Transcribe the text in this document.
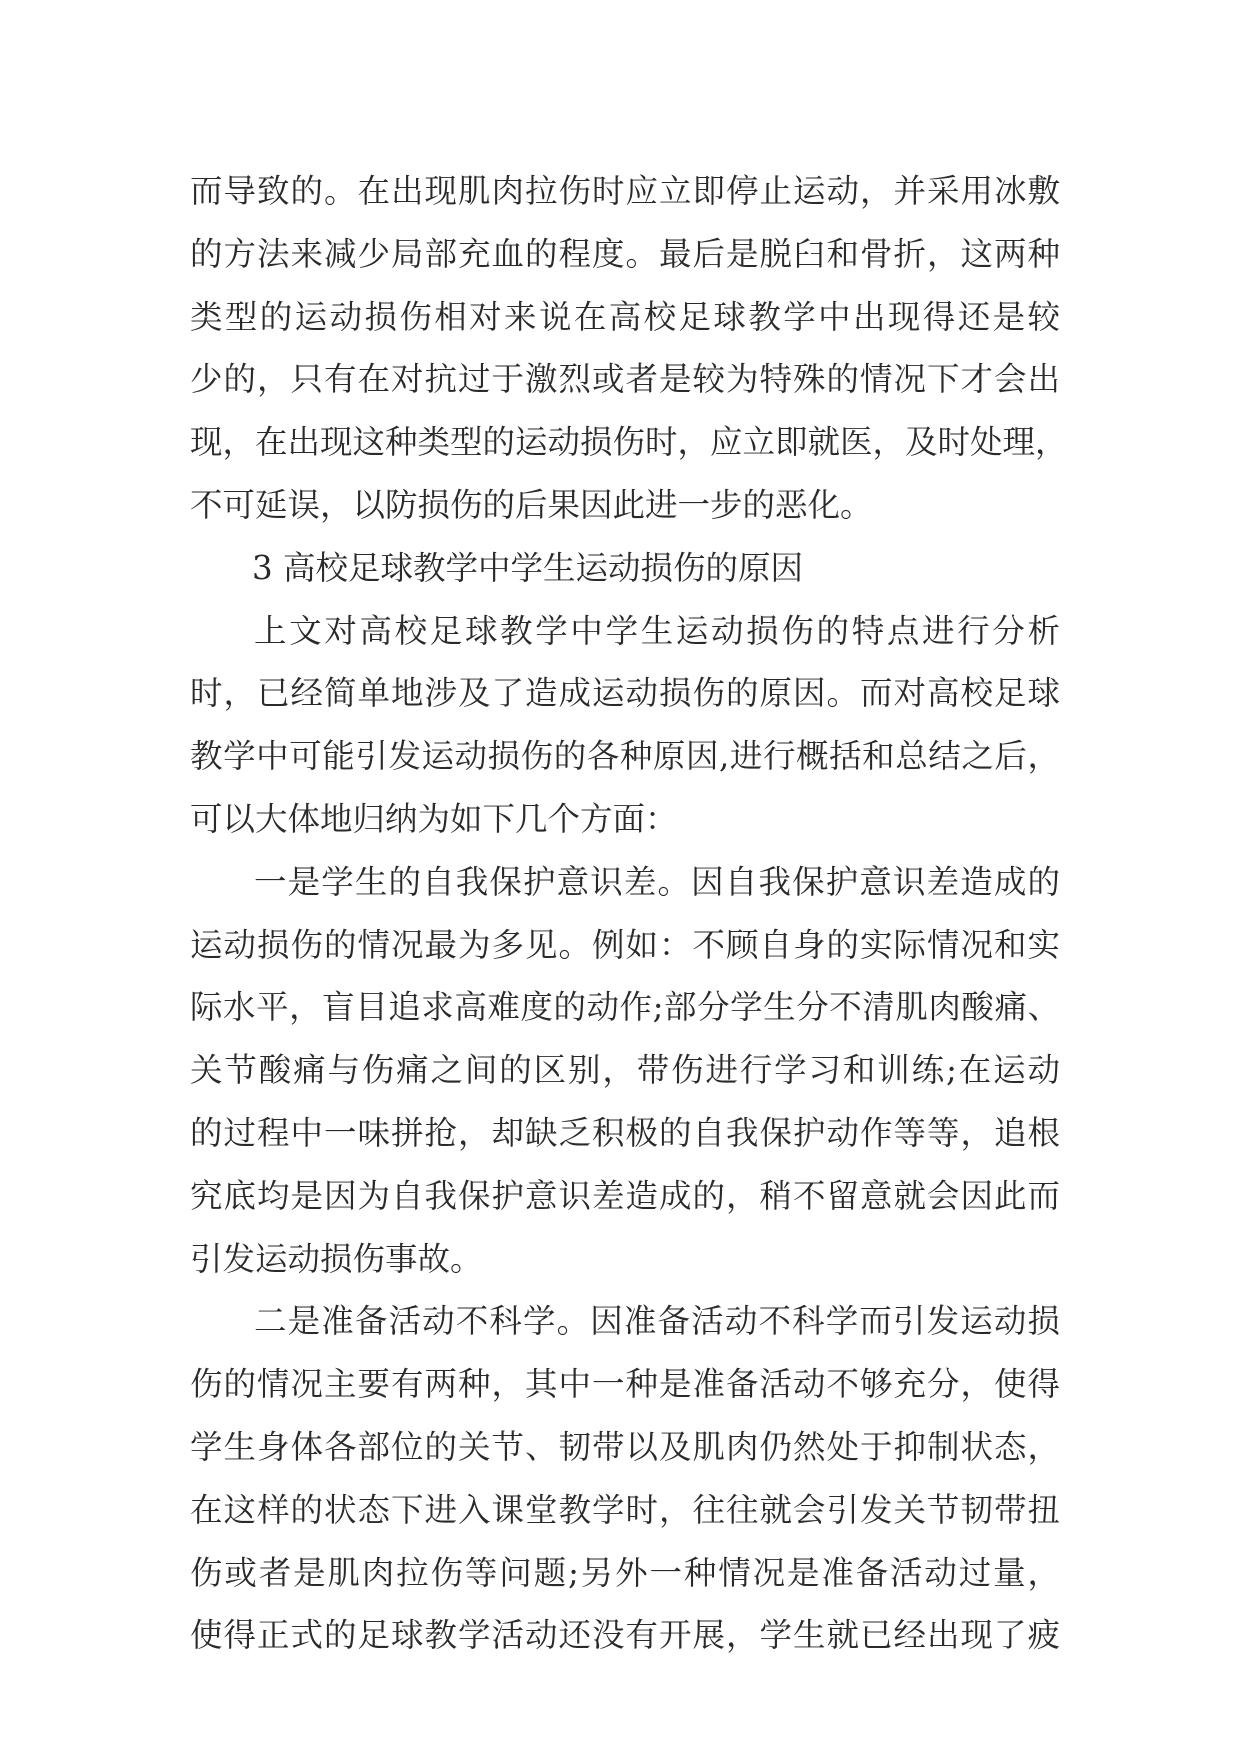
而导致的。在出现肌肉拉伤时应立即停止运动，并采用冰敷
的方法来减少局部充血的程度。最后是脱臼和骨折，这两种
类型的运动损伤相对来说在高校足球教学中出现得还是较
少的，只有在对抗过于激烈或者是较为特殊的情况下才会出
现，在出现这种类型的运动损伤时，应立即就医，及时处理，
不可延误，以防损伤的后果因此进一步的恶化。
3 高校足球教学中学生运动损伤的原因
上文对高校足球教学中学生运动损伤的特点进行分析
时，已经简单地涉及了造成运动损伤的原因。而对高校足球
教学中可能引发运动损伤的各种原因,进行概括和总结之后，
可以大体地归纳为如下几个方面：
一是学生的自我保护意识差。因自我保护意识差造成的
运动损伤的情况最为多见。例如：不顾自身的实际情况和实
际水平，盲目追求高难度的动作;部分学生分不清肌肉酸痛、
关节酸痛与伤痛之间的区别，带伤进行学习和训练;在运动
的过程中一味拼抢，却缺乏积极的自我保护动作等等，追根
究底均是因为自我保护意识差造成的，稍不留意就会因此而
引发运动损伤事故。
二是准备活动不科学。因准备活动不科学而引发运动损
伤的情况主要有两种，其中一种是准备活动不够充分，使得
学生身体各部位的关节、韧带以及肌肉仍然处于抑制状态，
在这样的状态下进入课堂教学时，往往就会引发关节韧带扭
伤或者是肌肉拉伤等问题;另外一种情况是准备活动过量，
使得正式的足球教学活动还没有开展，学生就已经出现了疲
